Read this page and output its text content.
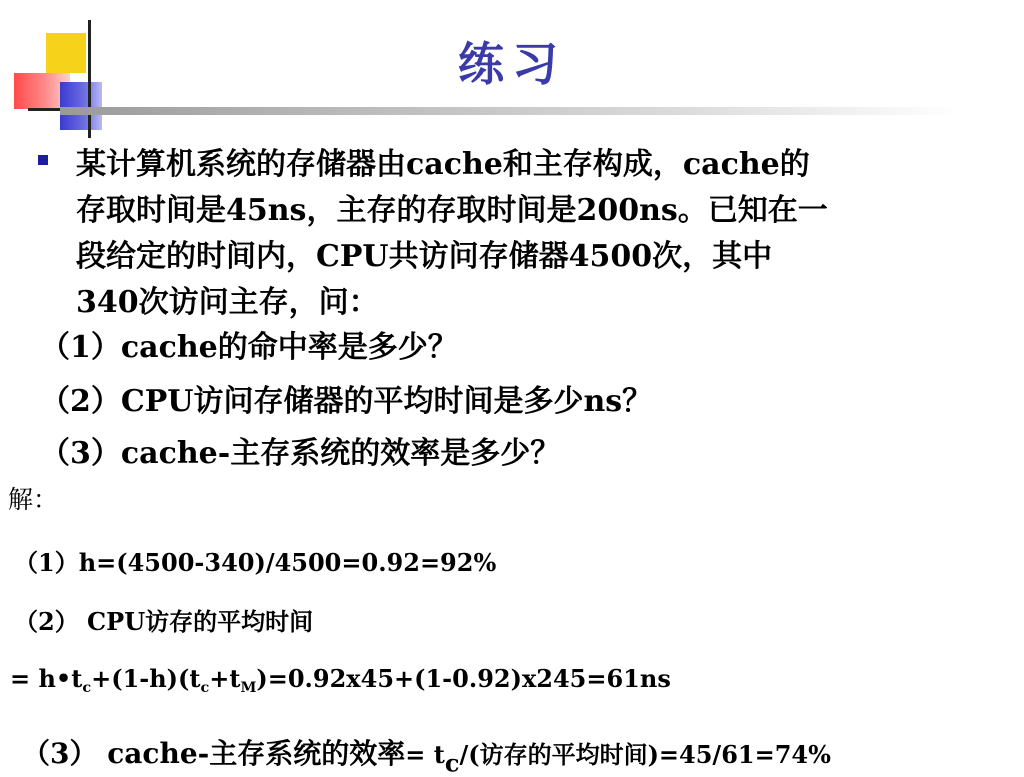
练习
某计算机系统的存储器由cache和主存构成，cache的
存取时间是45ns，主存的存取时间是200ns。已知在一
段给定的时间内，CPU共访问存储器4500次，其中
340次访问主存，问：
（1）cache的命中率是多少？
（2）CPU访问存储器的平均时间是多少ns？
（3）cache-主存系统的效率是多少？
解：
（1）h=(4500-340)/4500=0.92=92%
（2） CPU访存的平均时间
= $h•t_c+(1-h)(t_c+t_M)=0.92x45+(1-0.92)x245=61ns$
（3） cache-主存系统的效率= $t_c/$(访存的平均时间)=45/61=74%
